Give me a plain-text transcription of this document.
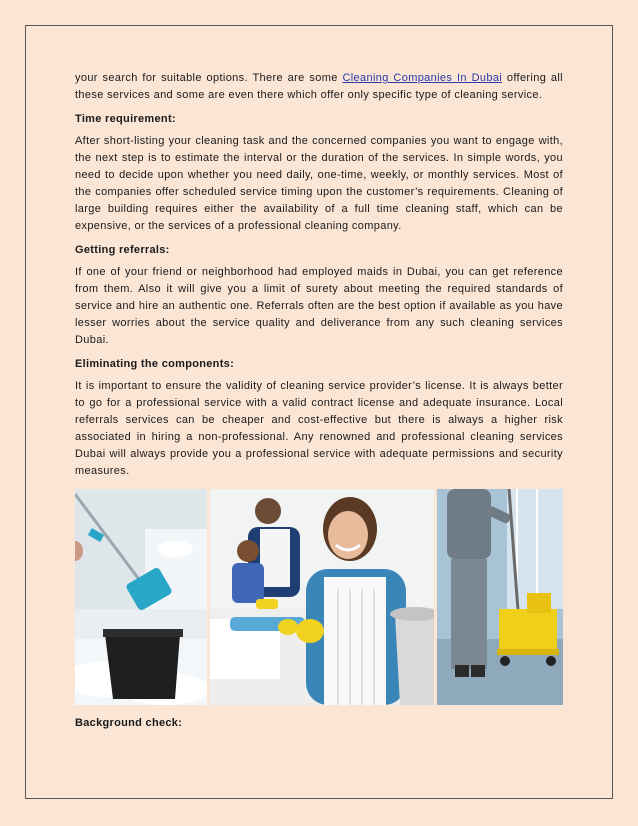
your search for suitable options. There are some Cleaning Companies In Dubai offering all these services and some are even there which offer only specific type of cleaning service.

Time requirement:

After short-listing your cleaning task and the concerned companies you want to engage with, the next step is to estimate the interval or the duration of the services. In simple words, you need to decide upon whether you need daily, one-time, weekly, or monthly services. Most of the companies offer scheduled service timing upon the customer’s requirements. Cleaning of large building requires either the availability of a full time cleaning staff, which can be expensive, or the services of a professional cleaning company.

Getting referrals:

If one of your friend or neighborhood had employed maids in Dubai, you can get reference from them. Also it will give you a limit of surety about meeting the required standards of service and hire an authentic one. Referrals often are the best option if available as you have lesser worries about the service quality and deliverance from any such cleaning services Dubai.

Eliminating the components:

It is important to ensure the validity of cleaning service provider’s license. It is always better to go for a professional service with a valid contract license and adequate insurance. Local referrals services can be cheaper and cost-effective but there is always a higher risk associated in hiring a non-professional. Any renowned and professional cleaning services Dubai will always provide you a professional service with adequate permissions and security measures.

Background check:
